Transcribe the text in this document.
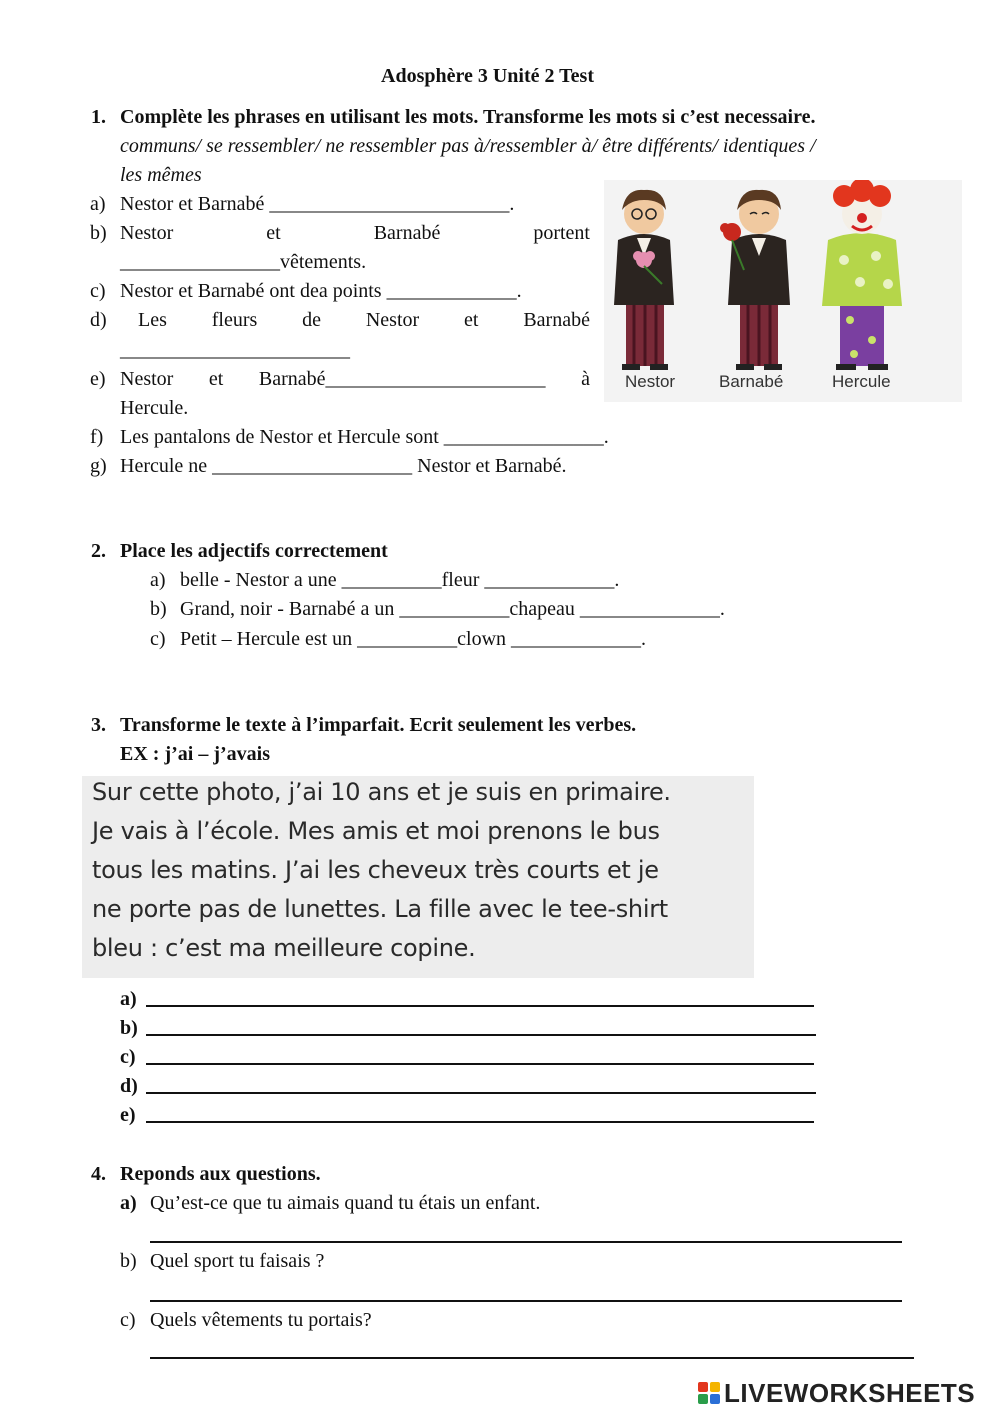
Adosphère 3 Unité 2 Test
1. Complète les phrases en utilisant les mots. Transforme les mots si c’est necessaire.
communs/ se ressembler/ ne ressembler pas à/ressembler à/ être différents/ identiques /
les mêmes
a) Nestor et Barnabé ________________________.
b) Nestor	et	Barnabé	portent
________________vêtements.
c) Nestor et Barnabé ont dea points _____________.
d) Les fleurs de Nestor et Barnabé
_______________________
e) Nestor et Barnabé______________________ à
Hercule.
f) Les pantalons de Nestor et Hercule sont ________________.
g) Hercule ne ____________________ Nestor et Barnabé.
Nestor	Barnabé	Hercule
2. Place les adjectifs correctement
a) belle - Nestor a une __________fleur _____________.
b) Grand, noir - Barnabé a un ___________chapeau ______________.
c) Petit – Hercule est un __________clown _____________.
3. Transforme le texte à l’imparfait. Ecrit seulement les verbes.
EX : j’ai – j’avais
Sur cette photo, j’ai 10 ans et je suis en primaire.
Je vais à l’école. Mes amis et moi prenons le bus
tous les matins. J’ai les cheveux très courts et je
ne porte pas de lunettes. La fille avec le tee-shirt
bleu : c’est ma meilleure copine.
a)
b)
c)
d)
e)
4. Reponds aux questions.
a) Qu’est-ce que tu aimais quand tu étais un enfant.
b) Quel sport tu faisais ?
c) Quels vêtements tu portais?
LIVEWORKSHEETS
